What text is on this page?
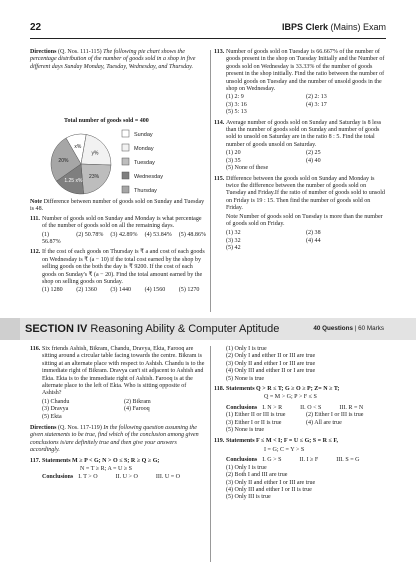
22	IBPS Clerk (Mains) Exam

Directions (Q. Nos. 111-115) The following pie chart shows the percentage distribution of the number of goods sold in a shop in five different days Sunday Monday, Tuesday, Wednesday, and Thursday.

Total number of goods sold = 400
x%
y%
23%
1.25 x%
20%
Sunday
Monday
Tuesday
Wednesday
Thursday

Note Difference between number of goods sold on Sunday and Tuesday is 48.

111. Number of goods sold on Sunday and Monday is what percentage of the number of goods sold on all the remaining days.
(1) 56.87%
(2) 50.78% (3) 42.89% (4) 53.84% (5) 48.86%
112. If the cost of each goods on Thursday is ₹ a and cost of each goods on Wednesday is ₹ (a − 10) if the total cost earned by the shop by selling goods on the both the day is ₹ 9200. If the cost of each goods on Sunday's ₹ (a − 20). Find the total amount earned by the shop on selling goods on Sunday.
(1) 1280	(2) 1360	(3) 1440	(4) 1560	(5) 1270
113. Number of goods sold on Tuesday is 66.667% of the number of goods present in the shop on Tuesday Initially and the Number of goods sold on Wednesday is 33.33% of the number of goods present in the shop initially. Find the ratio between the number of unsold goods on Tuesday and the number of unsold goods in the shop on Wednesday.
(1) 2: 9	(2) 2: 13
(3) 3: 16	(4) 3: 17
(5) 5: 13
114. Average number of goods sold on Sunday and Saturday is 8 less than the number of goods sold on Sunday and number of goods sold to unsold on Saturday are in the ratio 8 : 5. Find the total number of goods unsold on Saturday.
(1) 20	(2) 25
(3) 35	(4) 40
(5) None of these
115. Difference between the goods sold on Sunday and Monday is twice the difference between the number of goods sold on Tuesday and Friday.If the ratio of number of goods sold to unsold on Friday is 19 : 15. Then find the number of goods sold on Friday.

Note Number of goods sold on Tuesday is more than the number of goods sold on Friday.

(1) 32	(2) 38
(3) 32	(4) 44
(5) 42
SECTION IV Reasoning Ability & Computer Aptitude	40 Questions | 60 Marks
116. Six friends Ashish, Bikram, Chandu, Dravya, Ekta, Farooq are sitting around a circular table facing towards the centre. Bikram is sitting at an alternate place with respect to Ashish. Chandu is to the immediate right of Bikram. Dravya can't sit adjacent to Ashish and Ekta. Ekta is to the immediate right of Ashish. Farooq is at the alternate place to the left of Ekta. Who is sitting opposite of Ashish?
(1) Chandu	(2) Bikram
(3) Dravya	(4) Farooq
(5) Ekta

Directions (Q. Nos. 117-119) In the following question assuming the given statements to be true, find which of the conclusion among given conclusions is/are definitely true and then give your answers accordingly.

117. Statements M ≥ P < G; N > O ≤ S; R ≥ Q ≥ G;
N = T ≥ R; A = U ≥ S
Conclusions I. T > O	II. U > O	III. U = O
(1) Only I is true
(2) Only I and either II or III are true
(3) Only II and either I or III are true
(4) Only III and either II or I are true
(5) None is true
118. Statements Q > R ≤ T; G ≥ O ≥ P; Z= N ≥ T;
Q = M > G; P > F ≤ S
Conclusions I. N > R	II. O < S	III. R = N
(1) Either II or III is true	(2) Either I or III is true
(3) Either I or II is true	(4) All are true
(5) None is true
119. Statements F ≤ M < I; F = U ≤ G; S = R ≤ F,
I = G; C = Y > S
Conclusions I. G > S	II. I ≥ F	III. S = G
(1) Only I is true
(2) Both I and III are true
(3) Only II and either I or III are true
(4) Only III and either I or II is true
(5) Only III is true
